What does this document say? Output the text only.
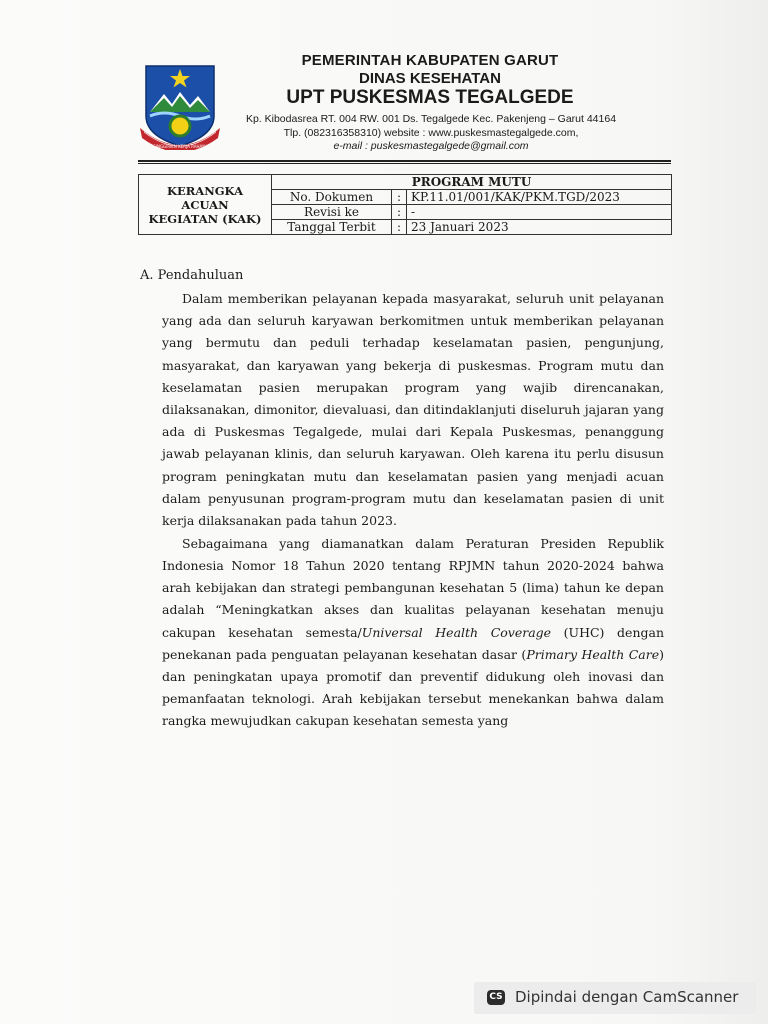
GINGGIRIEN KERJA RAHAYU
PEMERINTAH KABUPATEN GARUT
DINAS KESEHATAN
UPT PUSKESMAS TEGALGEDE
Kp. Kibodasrea RT. 004 RW. 001 Ds. Tegalgede Kec. Pakenjeng – Garut 44164
Tlp. (082316358310) website : www.puskesmastegalgede.com,
e-mail : puskesmastegalgede@gmail.com
KERANGKA
ACUAN
KEGIATAN (KAK)	PROGRAM MUTU		
	No. Dokumen	:	KP.11.01/001/KAK/PKM.TGD/2023
	Revisi ke	:	-
	Tanggal Terbit	:	23 Januari 2023
A. Pendahuluan

Dalam memberikan pelayanan kepada masyarakat, seluruh unit pelayanan yang ada dan seluruh karyawan berkomitmen untuk memberikan pelayanan yang bermutu dan peduli terhadap keselamatan pasien, pengunjung, masyarakat, dan karyawan yang bekerja di puskesmas. Program mutu dan keselamatan pasien merupakan program yang wajib direncanakan, dilaksanakan, dimonitor, dievaluasi, dan ditindaklanjuti diseluruh jajaran yang ada di Puskesmas Tegalgede, mulai dari Kepala Puskesmas, penanggung jawab pelayanan klinis, dan seluruh karyawan. Oleh karena itu perlu disusun program peningkatan mutu dan keselamatan pasien yang menjadi acuan dalam penyusunan program-program mutu dan keselamatan pasien di unit kerja dilaksanakan pada tahun 2023.

Sebagaimana yang diamanatkan dalam Peraturan Presiden Republik Indonesia Nomor 18 Tahun 2020 tentang RPJMN tahun 2020-2024 bahwa arah kebijakan dan strategi pembangunan kesehatan 5 (lima) tahun ke depan adalah “Meningkatkan akses dan kualitas pelayanan kesehatan menuju cakupan kesehatan semesta/Universal Health Coverage (UHC) dengan penekanan pada penguatan pelayanan kesehatan dasar (Primary Health Care) dan peningkatan upaya promotif dan preventif didukung oleh inovasi dan pemanfaatan teknologi. Arah kebijakan tersebut menekankan bahwa dalam rangka mewujudkan cakupan kesehatan semesta yang

CS Dipindai dengan CamScanner
